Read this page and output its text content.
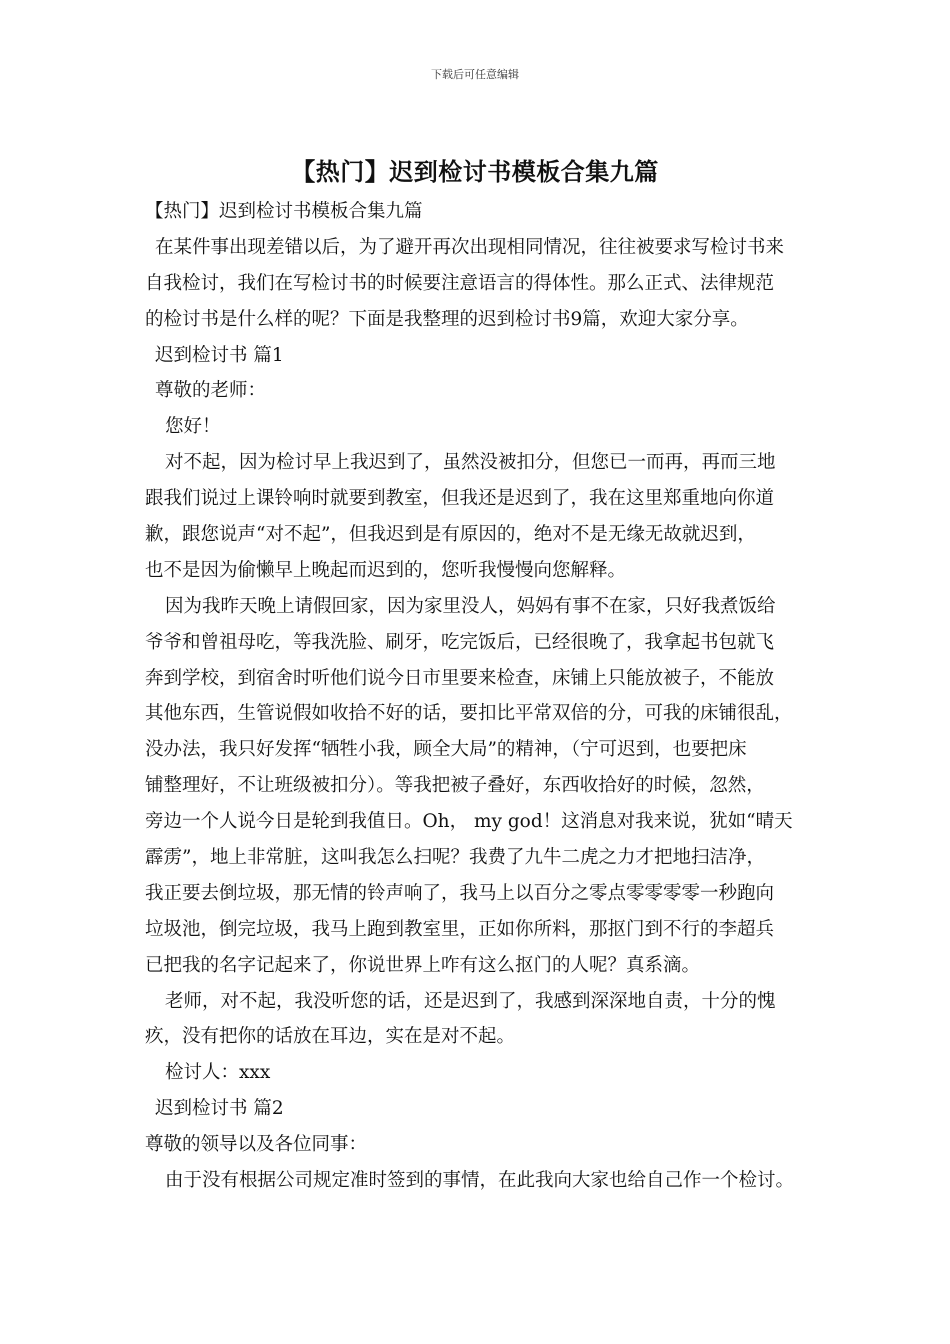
下载后可任意编辑
【热门】迟到检讨书模板合集九篇
【热门】迟到检讨书模板合集九篇
在某件事出现差错以后，为了避开再次出现相同情况，往往被要求写检讨书来
自我检讨，我们在写检讨书的时候要注意语言的得体性。那么正式、法律规范
的检讨书是什么样的呢？下面是我整理的迟到检讨书9篇，欢迎大家分享。
迟到检讨书 篇1
尊敬的老师：
您好！
对不起，因为检讨早上我迟到了，虽然没被扣分，但您已一而再，再而三地
跟我们说过上课铃响时就要到教室，但我还是迟到了，我在这里郑重地向你道
歉，跟您说声“对不起”，但我迟到是有原因的，绝对不是无缘无故就迟到，
也不是因为偷懒早上晚起而迟到的，您听我慢慢向您解释。
因为我昨天晚上请假回家，因为家里没人，妈妈有事不在家，只好我煮饭给
爷爷和曾祖母吃，等我洗脸、刷牙，吃完饭后，已经很晚了，我拿起书包就飞
奔到学校，到宿舍时听他们说今日市里要来检查，床铺上只能放被子，不能放
其他东西，生管说假如收拾不好的话，要扣比平常双倍的分，可我的床铺很乱，
没办法，我只好发挥“牺牲小我，顾全大局”的精神，（宁可迟到，也要把床
铺整理好，不让班级被扣分）。等我把被子叠好，东西收拾好的时候，忽然，
旁边一个人说今日是轮到我值日。Oh， my god！这消息对我来说，犹如“晴天
霹雳”，地上非常脏，这叫我怎么扫呢？我费了九牛二虎之力才把地扫洁净，
我正要去倒垃圾，那无情的铃声响了，我马上以百分之零点零零零零一秒跑向
垃圾池，倒完垃圾，我马上跑到教室里，正如你所料，那抠门到不行的李超兵
已把我的名字记起来了，你说世界上咋有这么抠门的人呢？真系滴。
老师，对不起，我没听您的话，还是迟到了，我感到深深地自责，十分的愧
疚，没有把你的话放在耳边，实在是对不起。
检讨人：xxx
迟到检讨书 篇2
尊敬的领导以及各位同事：
由于没有根据公司规定准时签到的事情，在此我向大家也给自己作一个检讨。
